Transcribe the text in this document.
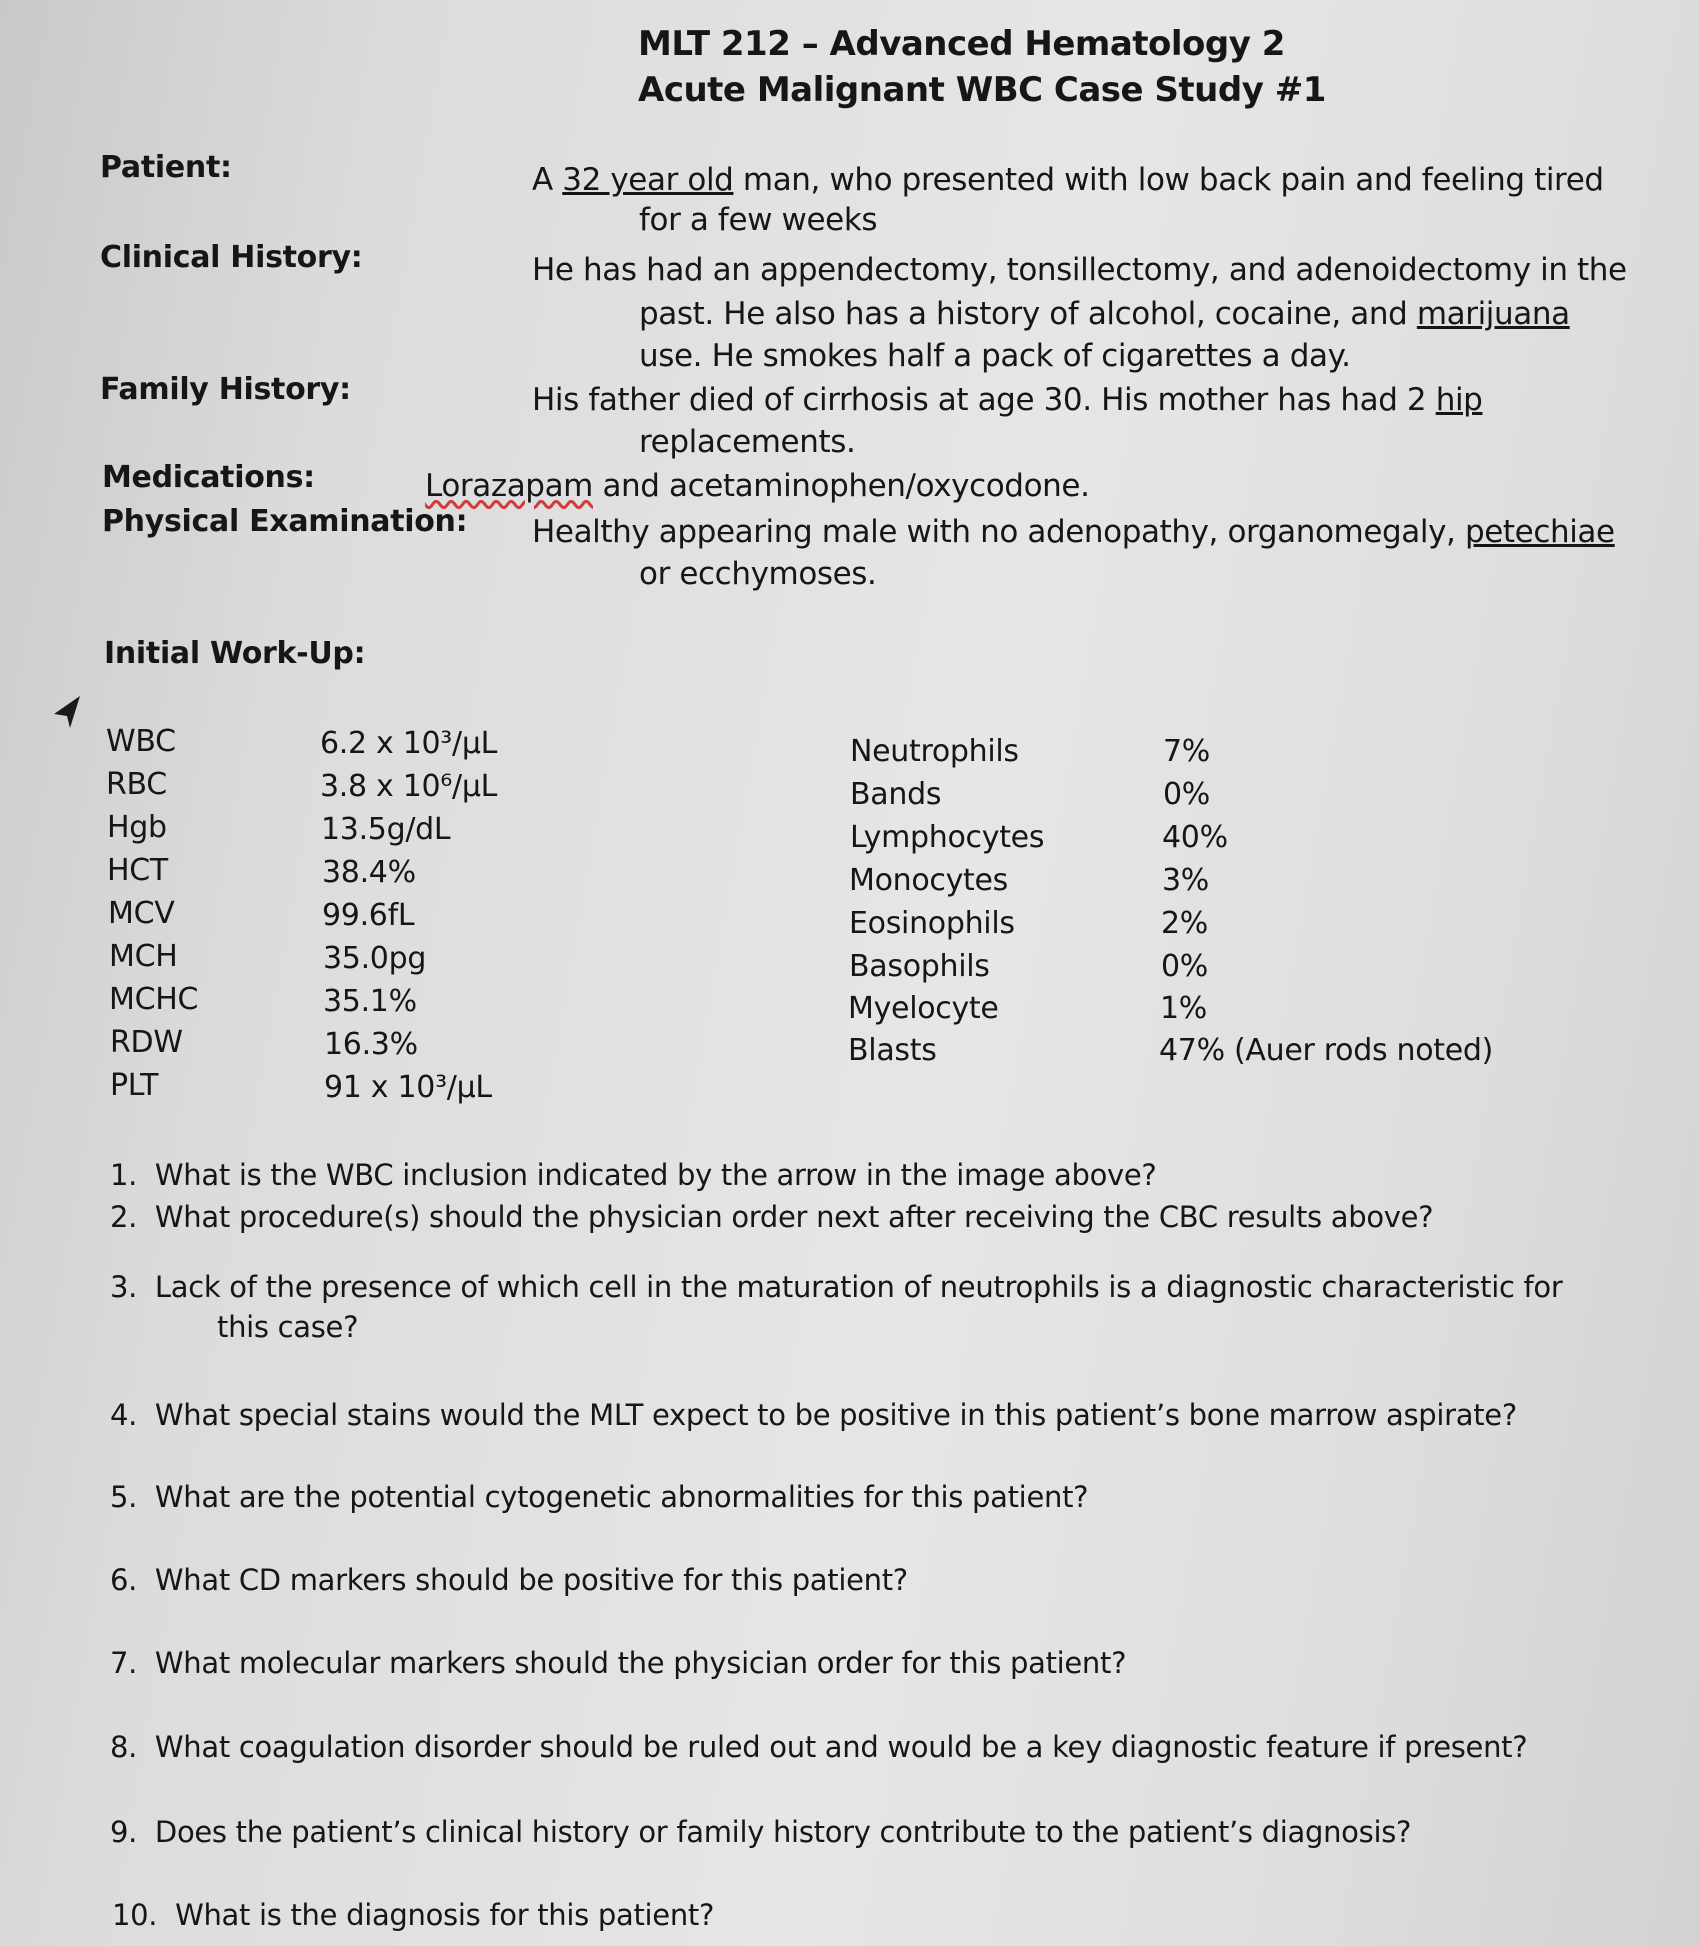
MLT 212 – Advanced Hematology 2
Acute Malignant WBC Case Study #1
Patient:	A 32 year old man, who presented with low back pain and feeling tired
for a few weeks
Clinical History:	He has had an appendectomy, tonsillectomy, and adenoidectomy in the
past. He also has a history of alcohol, cocaine, and marijuana
use. He smokes half a pack of cigarettes a day.
Family History:	His father died of cirrhosis at age 30. His mother has had 2 hip
replacements.
Medications:	Lorazapam and acetaminophen/oxycodone.
Physical Examination: Healthy appearing male with no adenopathy, organomegaly, petechiae
or ecchymoses.
Initial Work-Up:
WBC	6.2 x 10³/µL
RBC	3.8 x 10⁶/µL
Hgb	13.5g/dL
HCT	38.4%
MCV	99.6fL
MCH	35.0pg
MCHC	35.1%
RDW	16.3%
PLT	91 x 10³/µL
Neutrophils	7%
Bands	0%
Lymphocytes	40%
Monocytes	3%
Eosinophils	2%
Basophils	0%
Myelocyte	1%
Blasts	47% (Auer rods noted)
1. What is the WBC inclusion indicated by the arrow in the image above?
2. What procedure(s) should the physician order next after receiving the CBC results above?
3. Lack of the presence of which cell in the maturation of neutrophils is a diagnostic characteristic for
this case?
4. What special stains would the MLT expect to be positive in this patient’s bone marrow aspirate?
5. What are the potential cytogenetic abnormalities for this patient?
6. What CD markers should be positive for this patient?
7. What molecular markers should the physician order for this patient?
8. What coagulation disorder should be ruled out and would be a key diagnostic feature if present?
9. Does the patient’s clinical history or family history contribute to the patient’s diagnosis?
10. What is the diagnosis for this patient?
